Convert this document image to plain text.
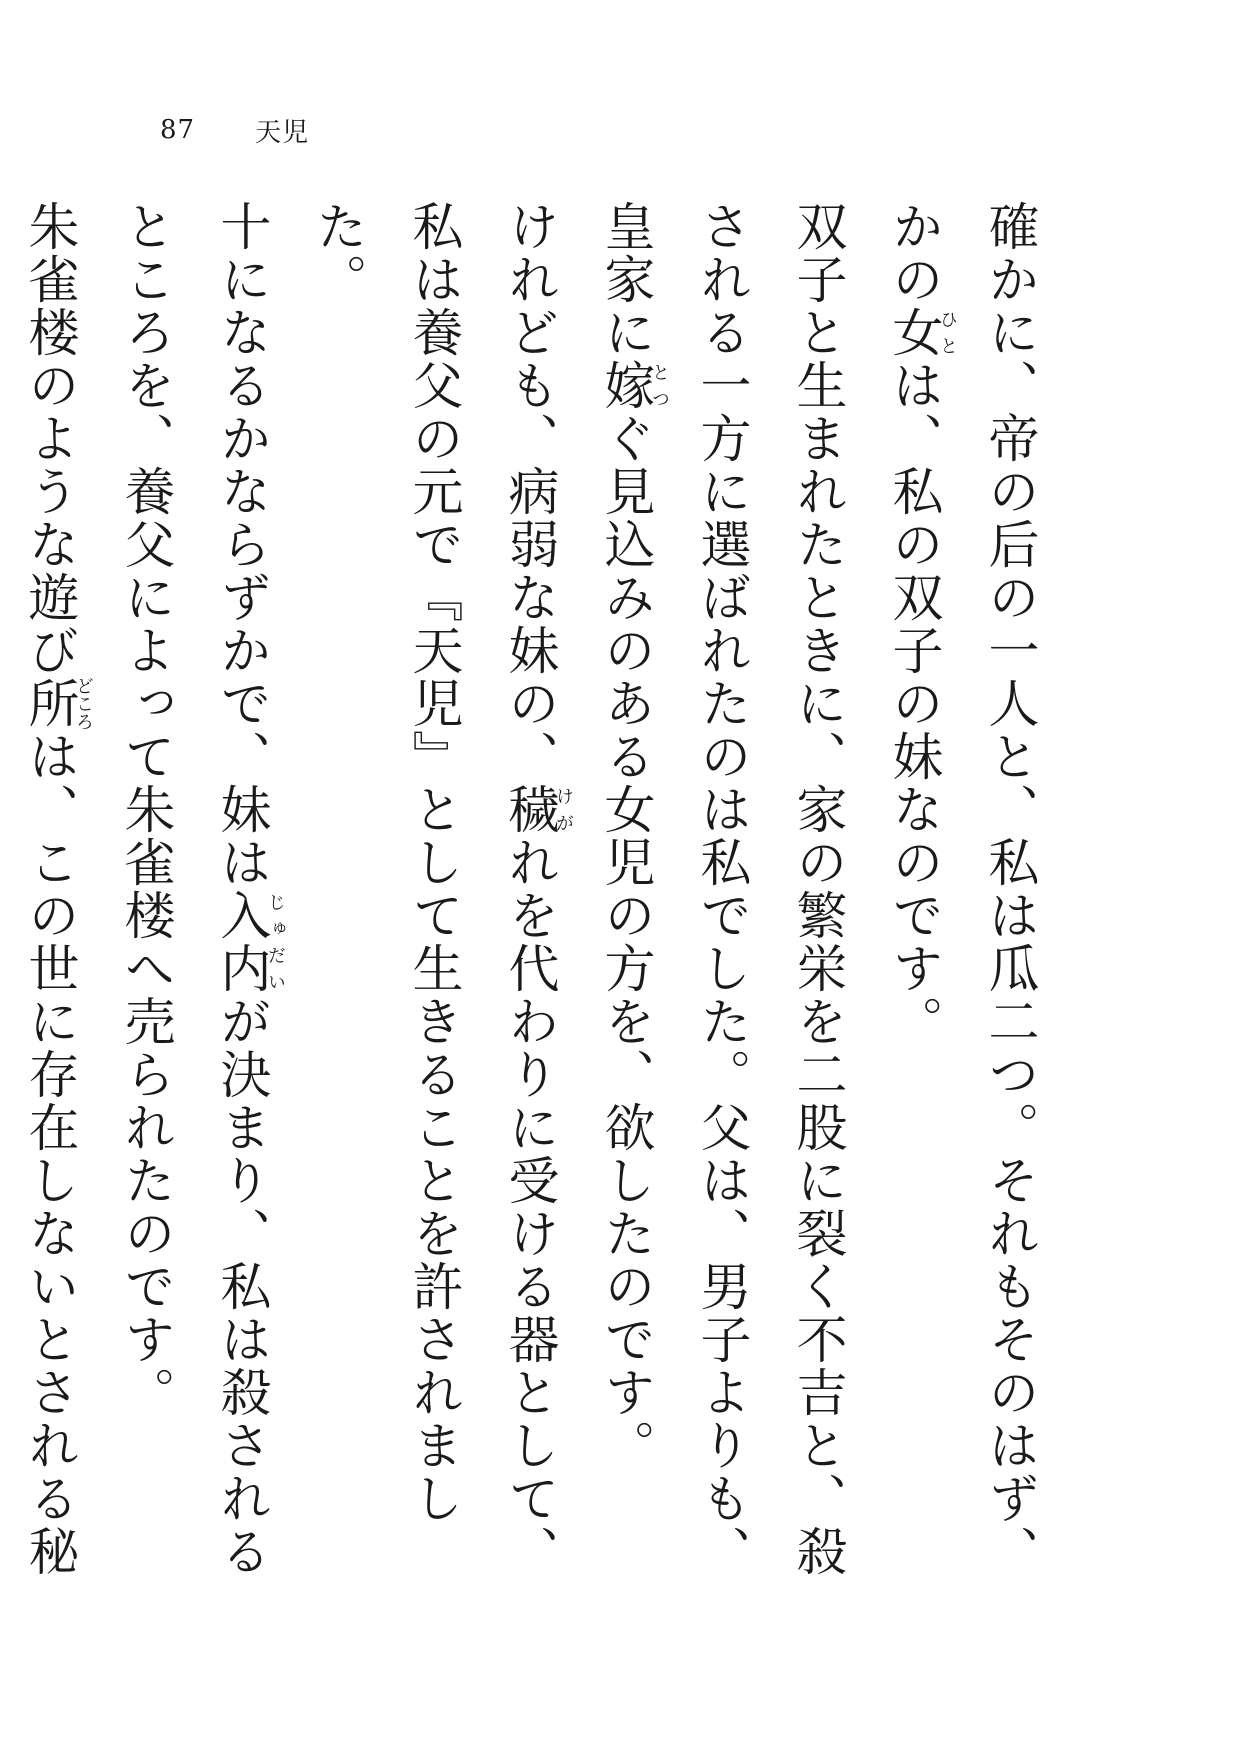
87 天児

確かに、帝の后の一人と、私は瓜二つ。それもそのはず、かの女ひとは、私の双子の妹なのです。

双子と生まれたときに、家の繁栄を二股に裂く不吉と、殺される一方に選ばれたのは私でした。父は、男子よりも、皇家に嫁とつぐ見込みのある女児の方を、欲したのです。

けれども、病弱な妹の、穢けがれを代わりに受ける器として、私は養父の元で『天児』として生きることを許されました。

十になるかならずかで、妹は入内じゅだいが決まり、私は殺されるところを、養父によって朱雀楼へ売られたのです。

朱雀楼のような遊び所どころは、この世に存在しないとされる秘
